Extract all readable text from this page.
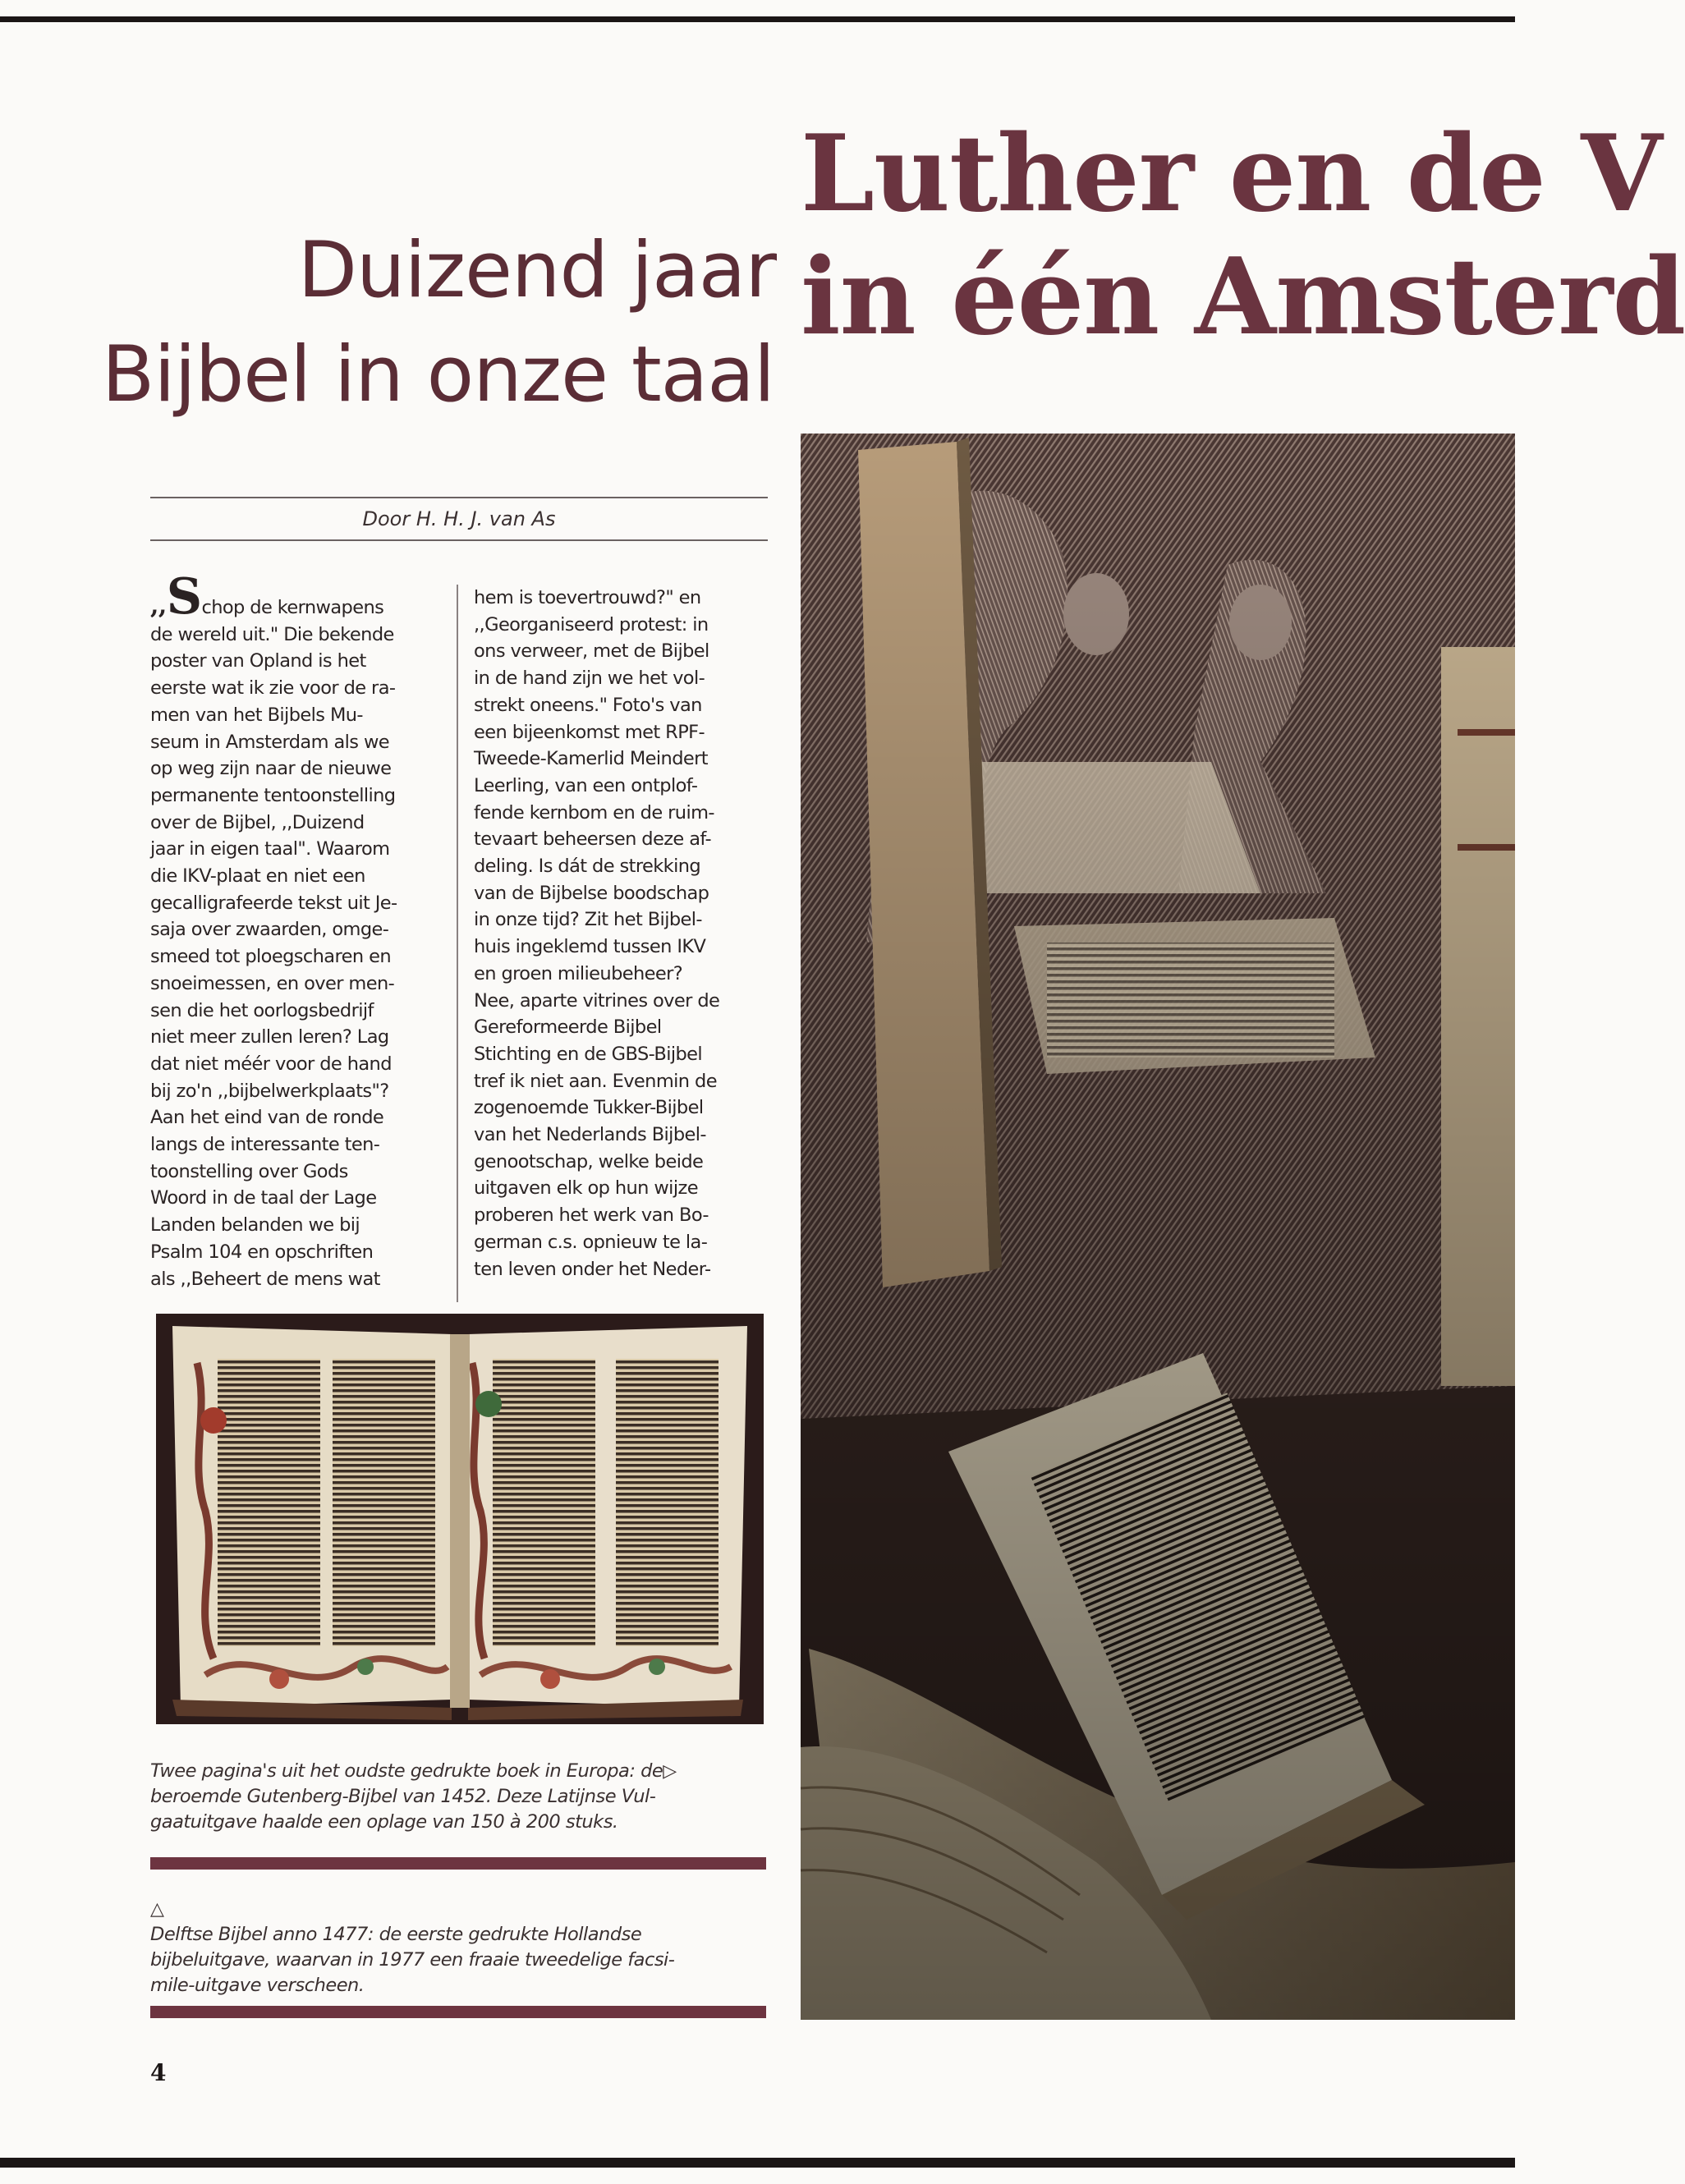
Luther en de V
in één Amsterd
Duizend jaar
Bijbel in onze taal
Door H. H. J. van As
,,Schop de kernwapens
de wereld uit." Die bekende
poster van Opland is het
eerste wat ik zie voor de ra-
men van het Bijbels Mu-
seum in Amsterdam als we
op weg zijn naar de nieuwe
permanente tentoonstelling
over de Bijbel, ,,Duizend
jaar in eigen taal". Waarom
die IKV-plaat en niet een
gecalligrafeerde tekst uit Je-
saja over zwaarden, omge-
smeed tot ploegscharen en
snoeimessen, en over men-
sen die het oorlogsbedrijf
niet meer zullen leren? Lag
dat niet méér voor de hand
bij zo'n ,,bijbelwerkplaats"?
Aan het eind van de ronde
langs de interessante ten-
toonstelling over Gods
Woord in de taal der Lage
Landen belanden we bij
Psalm 104 en opschriften
als ,,Beheert de mens wat
hem is toevertrouwd?" en
,,Georganiseerd protest: in
ons verweer, met de Bijbel
in de hand zijn we het vol-
strekt oneens." Foto's van
een bijeenkomst met RPF-
Tweede-Kamerlid Meindert
Leerling, van een ontplof-
fende kernbom en de ruim-
tevaart beheersen deze af-
deling. Is dát de strekking
van de Bijbelse boodschap
in onze tijd? Zit het Bijbel-
huis ingeklemd tussen IKV
en groen milieubeheer?
Nee, aparte vitrines over de
Gereformeerde Bijbel
Stichting en de GBS-Bijbel
tref ik niet aan. Evenmin de
zogenoemde Tukker-Bijbel
van het Nederlands Bijbel-
genootschap, welke beide
uitgaven elk op hun wijze
proberen het werk van Bo-
german c.s. opnieuw te la-
ten leven onder het Neder-
Twee pagina's uit het oudste gedrukte boek in Europa: de▷
beroemde Gutenberg-Bijbel van 1452. Deze Latijnse Vul-
gaatuitgave haalde een oplage van 150 à 200 stuks.
△
Delftse Bijbel anno 1477: de eerste gedrukte Hollandse
bijbeluitgave, waarvan in 1977 een fraaie tweedelige facsi-
mile-uitgave verscheen.
4
